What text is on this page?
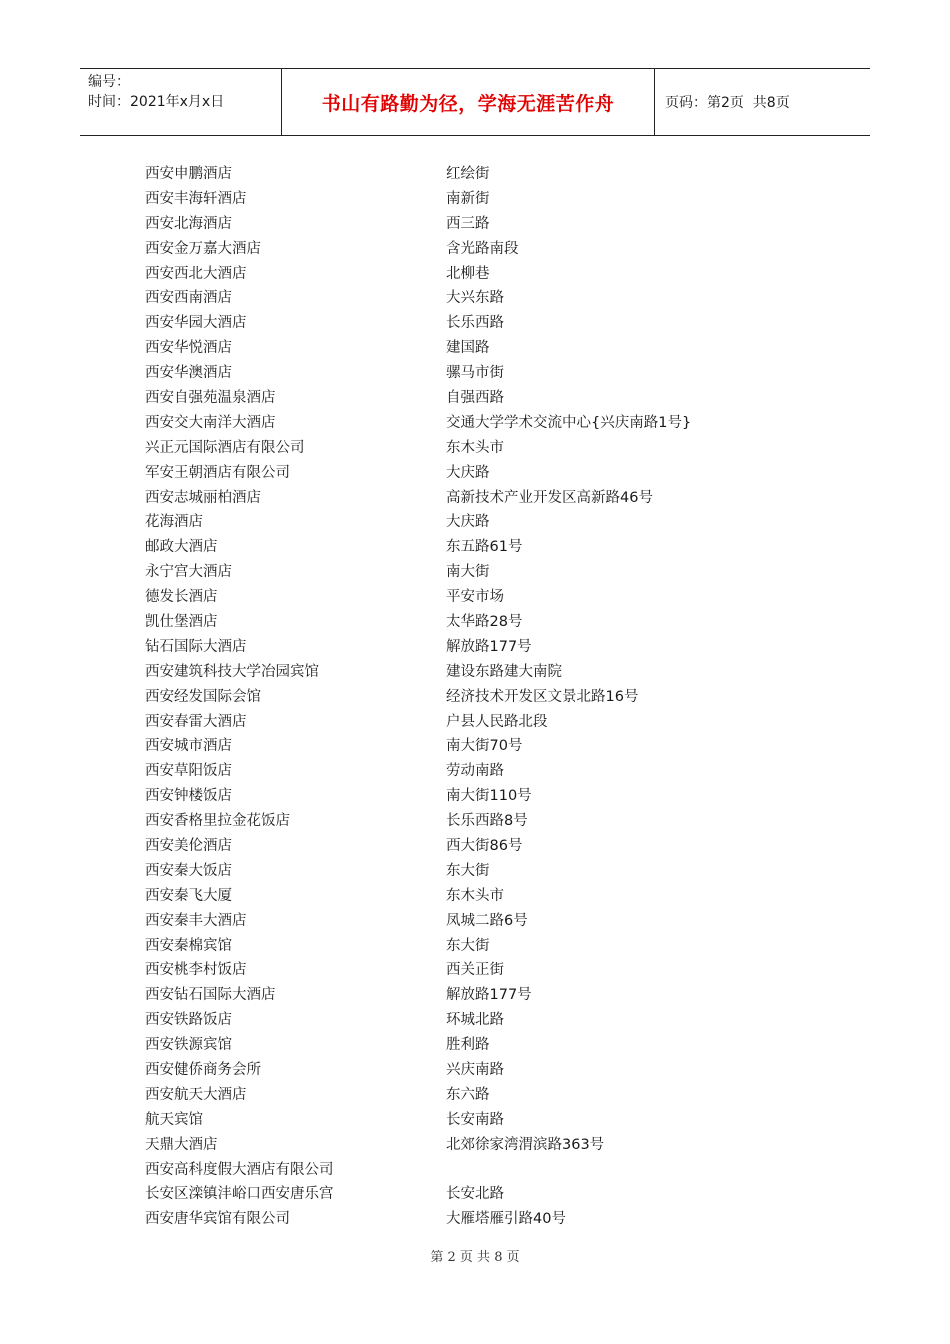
编号：
时间：2021年x月x日	书山有路勤为径，学海无涯苦作舟	页码：第2页  共8页
西安申鹏酒店	红绘街
西安丰海轩酒店	南新街
西安北海酒店	西三路
西安金万嘉大酒店	含光路南段
西安西北大酒店	北柳巷
西安西南酒店	大兴东路
西安华园大酒店	长乐西路
西安华悦酒店	建国路
西安华澳酒店	骡马市街
西安自强苑温泉酒店	自强西路
西安交大南洋大酒店	交通大学学术交流中心{兴庆南路1号}
兴正元国际酒店有限公司	东木头市
军安王朝酒店有限公司	大庆路
西安志城丽柏酒店	高新技术产业开发区高新路46号
花海酒店	大庆路
邮政大酒店	东五路61号
永宁宫大酒店	南大街
德发长酒店	平安市场
凯仕堡酒店	太华路28号
钻石国际大酒店	解放路177号
西安建筑科技大学冶园宾馆	建设东路建大南院
西安经发国际会馆	经济技术开发区文景北路16号
西安春雷大酒店	户县人民路北段
西安城市酒店	南大街70号
西安草阳饭店	劳动南路
西安钟楼饭店	南大街110号
西安香格里拉金花饭店	长乐西路8号
西安美伦酒店	西大街86号
西安秦大饭店	东大街
西安秦飞大厦	东木头市
西安秦丰大酒店	凤城二路6号
西安秦棉宾馆	东大街
西安桃李村饭店	西关正街
西安钻石国际大酒店	解放路177号
西安铁路饭店	环城北路
西安铁源宾馆	胜利路
西安健侨商务会所	兴庆南路
西安航天大酒店	东六路
航天宾馆	长安南路
天鼎大酒店	北郊徐家湾渭滨路363号
西安高科度假大酒店有限公司
长安区滦镇沣峪口西安唐乐宫	长安北路
西安唐华宾馆有限公司	大雁塔雁引路40号
第 2 页 共 8 页
